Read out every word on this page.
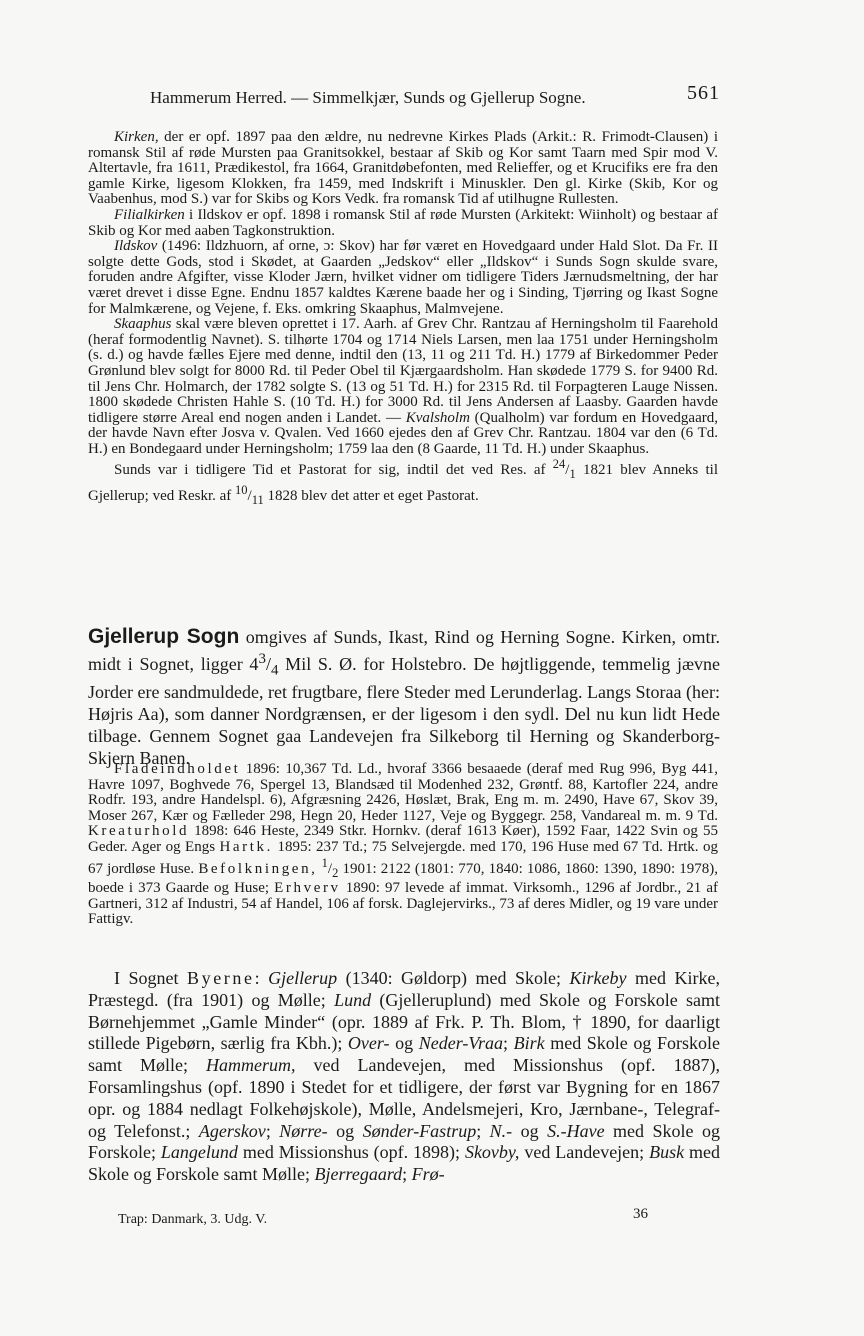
Hammerum Herred. — Simmelkjær, Sunds og Gjellerup Sogne.	561

Kirken, der er opf. 1897 paa den ældre, nu nedrevne Kirkes Plads (Arkit.: R. Frimodt-Clausen) i romansk Stil af røde Mursten paa Granitsokkel, bestaar af Skib og Kor samt Taarn med Spir mod V. Altertavle, fra 1611, Prædikestol, fra 1664, Granitdøbefonten, med Relieffer, og et Krucifiks ere fra den gamle Kirke, ligesom Klokken, fra 1459, med Indskrift i Minuskler. Den gl. Kirke (Skib, Kor og Vaabenhus, mod S.) var for Skibs og Kors Vedk. fra romansk Tid af utilhugne Rullesten.

Filialkirken i Ildskov er opf. 1898 i romansk Stil af røde Mursten (Arkitekt: Wiinholt) og bestaar af Skib og Kor med aaben Tagkonstruktion.

Ildskov (1496: Ildzhuorn, af orne, ɔ: Skov) har før været en Hovedgaard under Hald Slot. Da Fr. II solgte dette Gods, stod i Skødet, at Gaarden „Jedskov“ eller „Ildskov“ i Sunds Sogn skulde svare, foruden andre Afgifter, visse Kloder Jærn, hvilket vidner om tidligere Tiders Jærnudsmeltning, der har været drevet i disse Egne. Endnu 1857 kaldtes Kærene baade her og i Sinding, Tjørring og Ikast Sogne for Malmkærene, og Vejene, f. Eks. omkring Skaaphus, Malmvejene.

Skaaphus skal være bleven oprettet i 17. Aarh. af Grev Chr. Rantzau af Herningsholm til Faarehold (heraf formodentlig Navnet). S. tilhørte 1704 og 1714 Niels Larsen, men laa 1751 under Herningsholm (s. d.) og havde fælles Ejere med denne, indtil den (13, 11 og 211 Td. H.) 1779 af Birkedommer Peder Grønlund blev solgt for 8000 Rd. til Peder Obel til Kjærgaardsholm. Han skødede 1779 S. for 9400 Rd. til Jens Chr. Holmarch, der 1782 solgte S. (13 og 51 Td. H.) for 2315 Rd. til Forpagteren Lauge Nissen. 1800 skødede Christen Hahle S. (10 Td. H.) for 3000 Rd. til Jens Andersen af Laasby. Gaarden havde tidligere større Areal end nogen anden i Landet. — Kvalsholm (Qualholm) var fordum en Hovedgaard, der havde Navn efter Josva v. Qvalen. Ved 1660 ejedes den af Grev Chr. Rantzau. 1804 var den (6 Td. H.) en Bondegaard under Herningsholm; 1759 laa den (8 Gaarde, 11 Td. H.) under Skaaphus.

Sunds var i tidligere Tid et Pastorat for sig, indtil det ved Res. af $^{24}/_1$ 1821 blev Anneks til Gjellerup; ved Reskr. af $^{10}/_{11}$ 1828 blev det atter et eget Pastorat.

Gjellerup Sogn omgives af Sunds, Ikast, Rind og Herning Sogne. Kirken, omtr. midt i Sognet, ligger $4^3/_4$ Mil S. Ø. for Holstebro. De højtliggende, temmelig jævne Jorder ere sandmuldede, ret frugtbare, flere Steder med Lerunderlag. Langs Storaa (her: Højris Aa), som danner Nordgrænsen, er der ligesom i den sydl. Del nu kun lidt Hede tilbage. Gennem Sognet gaa Landevejen fra Silkeborg til Herning og Skanderborg-Skjern Banen.

Fladeindholdet 1896: 10,367 Td. Ld., hvoraf 3366 besaaede (deraf med Rug 996, Byg 441, Havre 1097, Boghvede 76, Spergel 13, Blandsæd til Modenhed 232, Grøntf. 88, Kartofler 224, andre Rodfr. 193, andre Handelspl. 6), Afgræsning 2426, Høslæt, Brak, Eng m. m. 2490, Have 67, Skov 39, Moser 267, Kær og Fælleder 298, Hegn 20, Heder 1127, Veje og Byggegr. 258, Vandareal m. m. 9 Td. Kreaturhold 1898: 646 Heste, 2349 Stkr. Hornkv. (deraf 1613 Køer), 1592 Faar, 1422 Svin og 55 Geder. Ager og Engs Hartk. 1895: 237 Td.; 75 Selvejergde. med 170, 196 Huse med 67 Td. Hrtk. og 67 jordløse Huse. Befolkningen, $^1/_2$ 1901: 2122 (1801: 770, 1840: 1086, 1860: 1390, 1890: 1978), boede i 373 Gaarde og Huse; Erhverv 1890: 97 levede af immat. Virksomh., 1296 af Jordbr., 21 af Gartneri, 312 af Industri, 54 af Handel, 106 af forsk. Daglejervirks., 73 af deres Midler, og 19 vare under Fattigv.

I Sognet Byerne: Gjellerup (1340: Gøldorp) med Skole; Kirkeby med Kirke, Præstegd. (fra 1901) og Mølle; Lund (Gjelleruplund) med Skole og Forskole samt Børnehjemmet „Gamle Minder“ (opr. 1889 af Frk. P. Th. Blom, † 1890, for daarligt stillede Pigebørn, særlig fra Kbh.); Over- og Neder-Vraa; Birk med Skole og Forskole samt Mølle; Hammerum, ved Landevejen, med Missionshus (opf. 1887), Forsamlingshus (opf. 1890 i Stedet for et tidligere, der først var Bygning for en 1867 opr. og 1884 nedlagt Folkehøjskole), Mølle, Andelsmejeri, Kro, Jærnbane-, Telegraf- og Telefonst.; Agerskov; Nørre- og Sønder-Fastrup; N.- og S.-Have med Skole og Forskole; Langelund med Missionshus (opf. 1898); Skovby, ved Landevejen; Busk med Skole og Forskole samt Mølle; Bjerregaard; Frø-

Trap: Danmark, 3. Udg. V.	36
